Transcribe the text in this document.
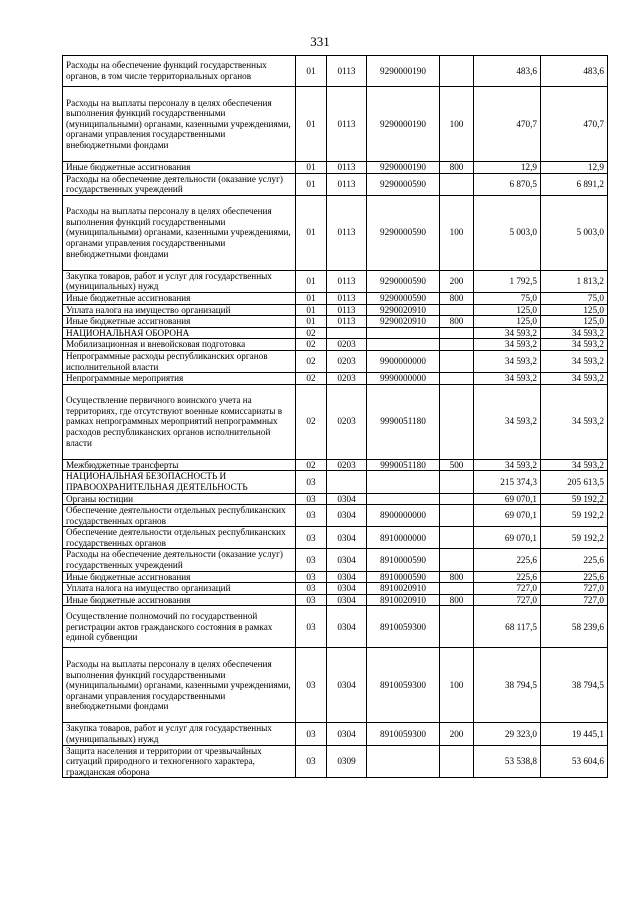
331
Расходы на обеспечение функций государственных органов, в том числе территориальных органов	01	0113	9290000190		483,6	483,6
Расходы на выплаты персоналу в целях обеспечения выполнения функций государственными (муниципальными) органами, казенными учреждениями, органами управления государственными внебюджетными фондами	01	0113	9290000190	100	470,7	470,7
Иные бюджетные ассигнования	01	0113	9290000190	800	12,9	12,9
Расходы на обеспечение деятельности (оказание услуг) государственных учреждений	01	0113	9290000590		6 870,5	6 891,2
Расходы на выплаты персоналу в целях обеспечения выполнения функций государственными (муниципальными) органами, казенными учреждениями, органами управления государственными внебюджетными фондами	01	0113	9290000590	100	5 003,0	5 003,0
Закупка товаров, работ и услуг для государственных (муниципальных) нужд	01	0113	9290000590	200	1 792,5	1 813,2
Иные бюджетные ассигнования	01	0113	9290000590	800	75,0	75,0
Уплата налога на имущество организаций	01	0113	9290020910		125,0	125,0
Иные бюджетные ассигнования	01	0113	9290020910	800	125,0	125,0
НАЦИОНАЛЬНАЯ ОБОРОНА	02				34 593,2	34 593,2
Мобилизационная и вневойсковая подготовка	02	0203			34 593,2	34 593,2
Непрограммные расходы республиканских органов исполнительной власти	02	0203	9900000000		34 593,2	34 593,2
Непрограммные мероприятия	02	0203	9990000000		34 593,2	34 593,2
Осуществление первичного воинского учета на территориях, где отсутствуют военные комиссариаты в рамках непрограммных мероприятий непрограммных расходов республиканских органов исполнительной власти	02	0203	9990051180		34 593,2	34 593,2
Межбюджетные трансферты	02	0203	9990051180	500	34 593,2	34 593,2
НАЦИОНАЛЬНАЯ БЕЗОПАСНОСТЬ И ПРАВООХРАНИТЕЛЬНАЯ ДЕЯТЕЛЬНОСТЬ	03				215 374,3	205 613,5
Органы юстиции	03	0304			69 070,1	59 192,2
Обеспечение деятельности отдельных республиканских государственных органов	03	0304	8900000000		69 070,1	59 192,2
Обеспечение деятельности отдельных республиканских государственных органов	03	0304	8910000000		69 070,1	59 192,2
Расходы на обеспечение деятельности (оказание услуг) государственных учреждений	03	0304	8910000590		225,6	225,6
Иные бюджетные ассигнования	03	0304	8910000590	800	225,6	225,6
Уплата налога на имущество организаций	03	0304	8910020910		727,0	727,0
Иные бюджетные ассигнования	03	0304	8910020910	800	727,0	727,0
Осуществление полномочий по государственной регистрации актов гражданского состояния в рамках единой субвенции	03	0304	8910059300		68 117,5	58 239,6
Расходы на выплаты персоналу в целях обеспечения выполнения функций государственными (муниципальными) органами, казенными учреждениями, органами управления государственными внебюджетными фондами	03	0304	8910059300	100	38 794,5	38 794,5
Закупка товаров, работ и услуг для государственных (муниципальных) нужд	03	0304	8910059300	200	29 323,0	19 445,1
Защита населения и территории от чрезвычайных ситуаций природного и техногенного характера, гражданская оборона	03	0309			53 538,8	53 604,6
